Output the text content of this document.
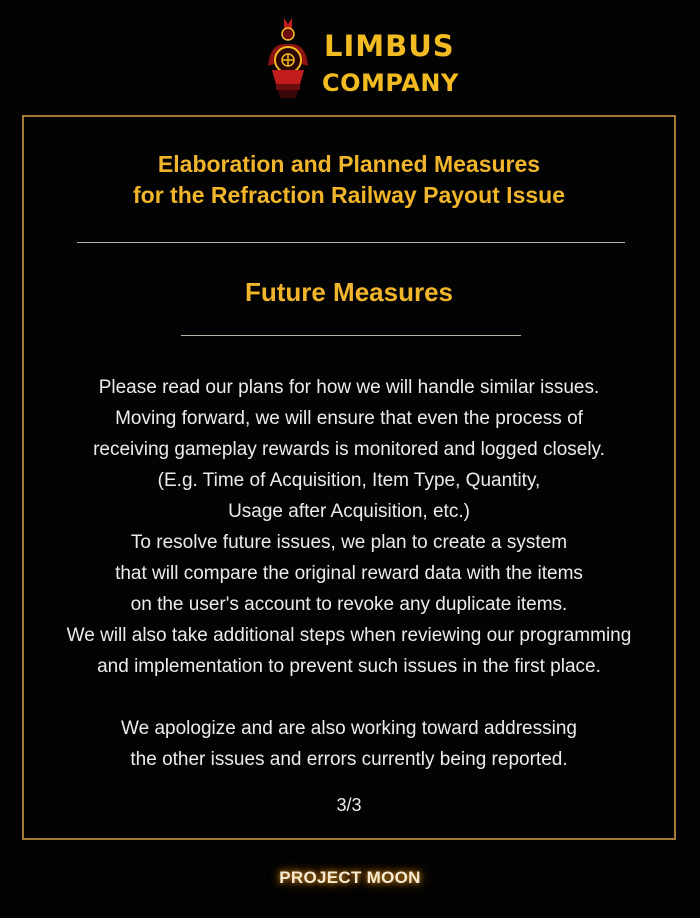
LIMBUS
COMPANY
Elaboration and Planned Measures
for the Refraction Railway Payout Issue
Future Measures
Please read our plans for how we will handle similar issues.
Moving forward, we will ensure that even the process of
receiving gameplay rewards is monitored and logged closely.
(E.g. Time of Acquisition, Item Type, Quantity,
Usage after Acquisition, etc.)
To resolve future issues, we plan to create a system
that will compare the original reward data with the items
on the user's account to revoke any duplicate items.
We will also take additional steps when reviewing our programming
and implementation to prevent such issues in the first place.
We apologize and are also working toward addressing
the other issues and errors currently being reported.
3/3
PROJECT MOON
